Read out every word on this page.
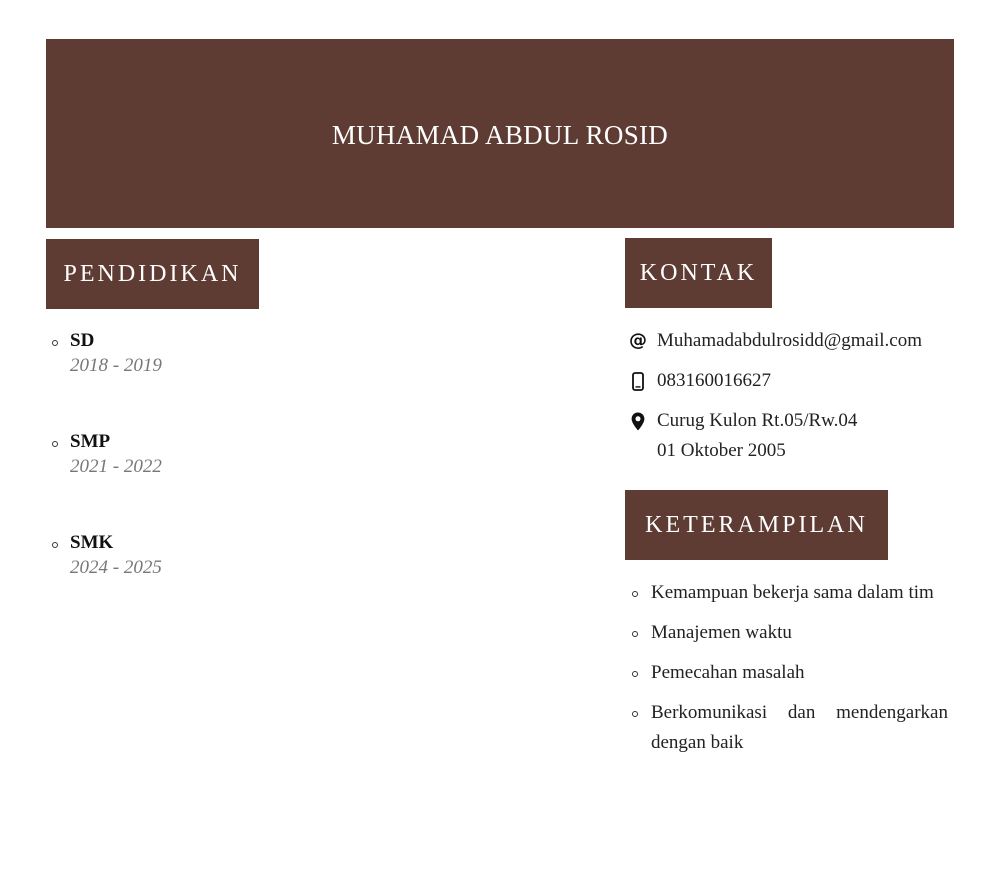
MUHAMAD ABDUL ROSID
PENDIDIKAN
SD
2018 - 2019
SMP
2021 - 2022
SMK
2024 - 2025
KONTAK
@ Muhamadabdulrosidd@gmail.com
083160016627
Curug Kulon Rt.05/Rw.04
01 Oktober 2005
KETERAMPILAN
Kemampuan bekerja sama dalam tim
Manajemen waktu
Pemecahan masalah
Berkomunikasi dan mendengarkan dengan baik
